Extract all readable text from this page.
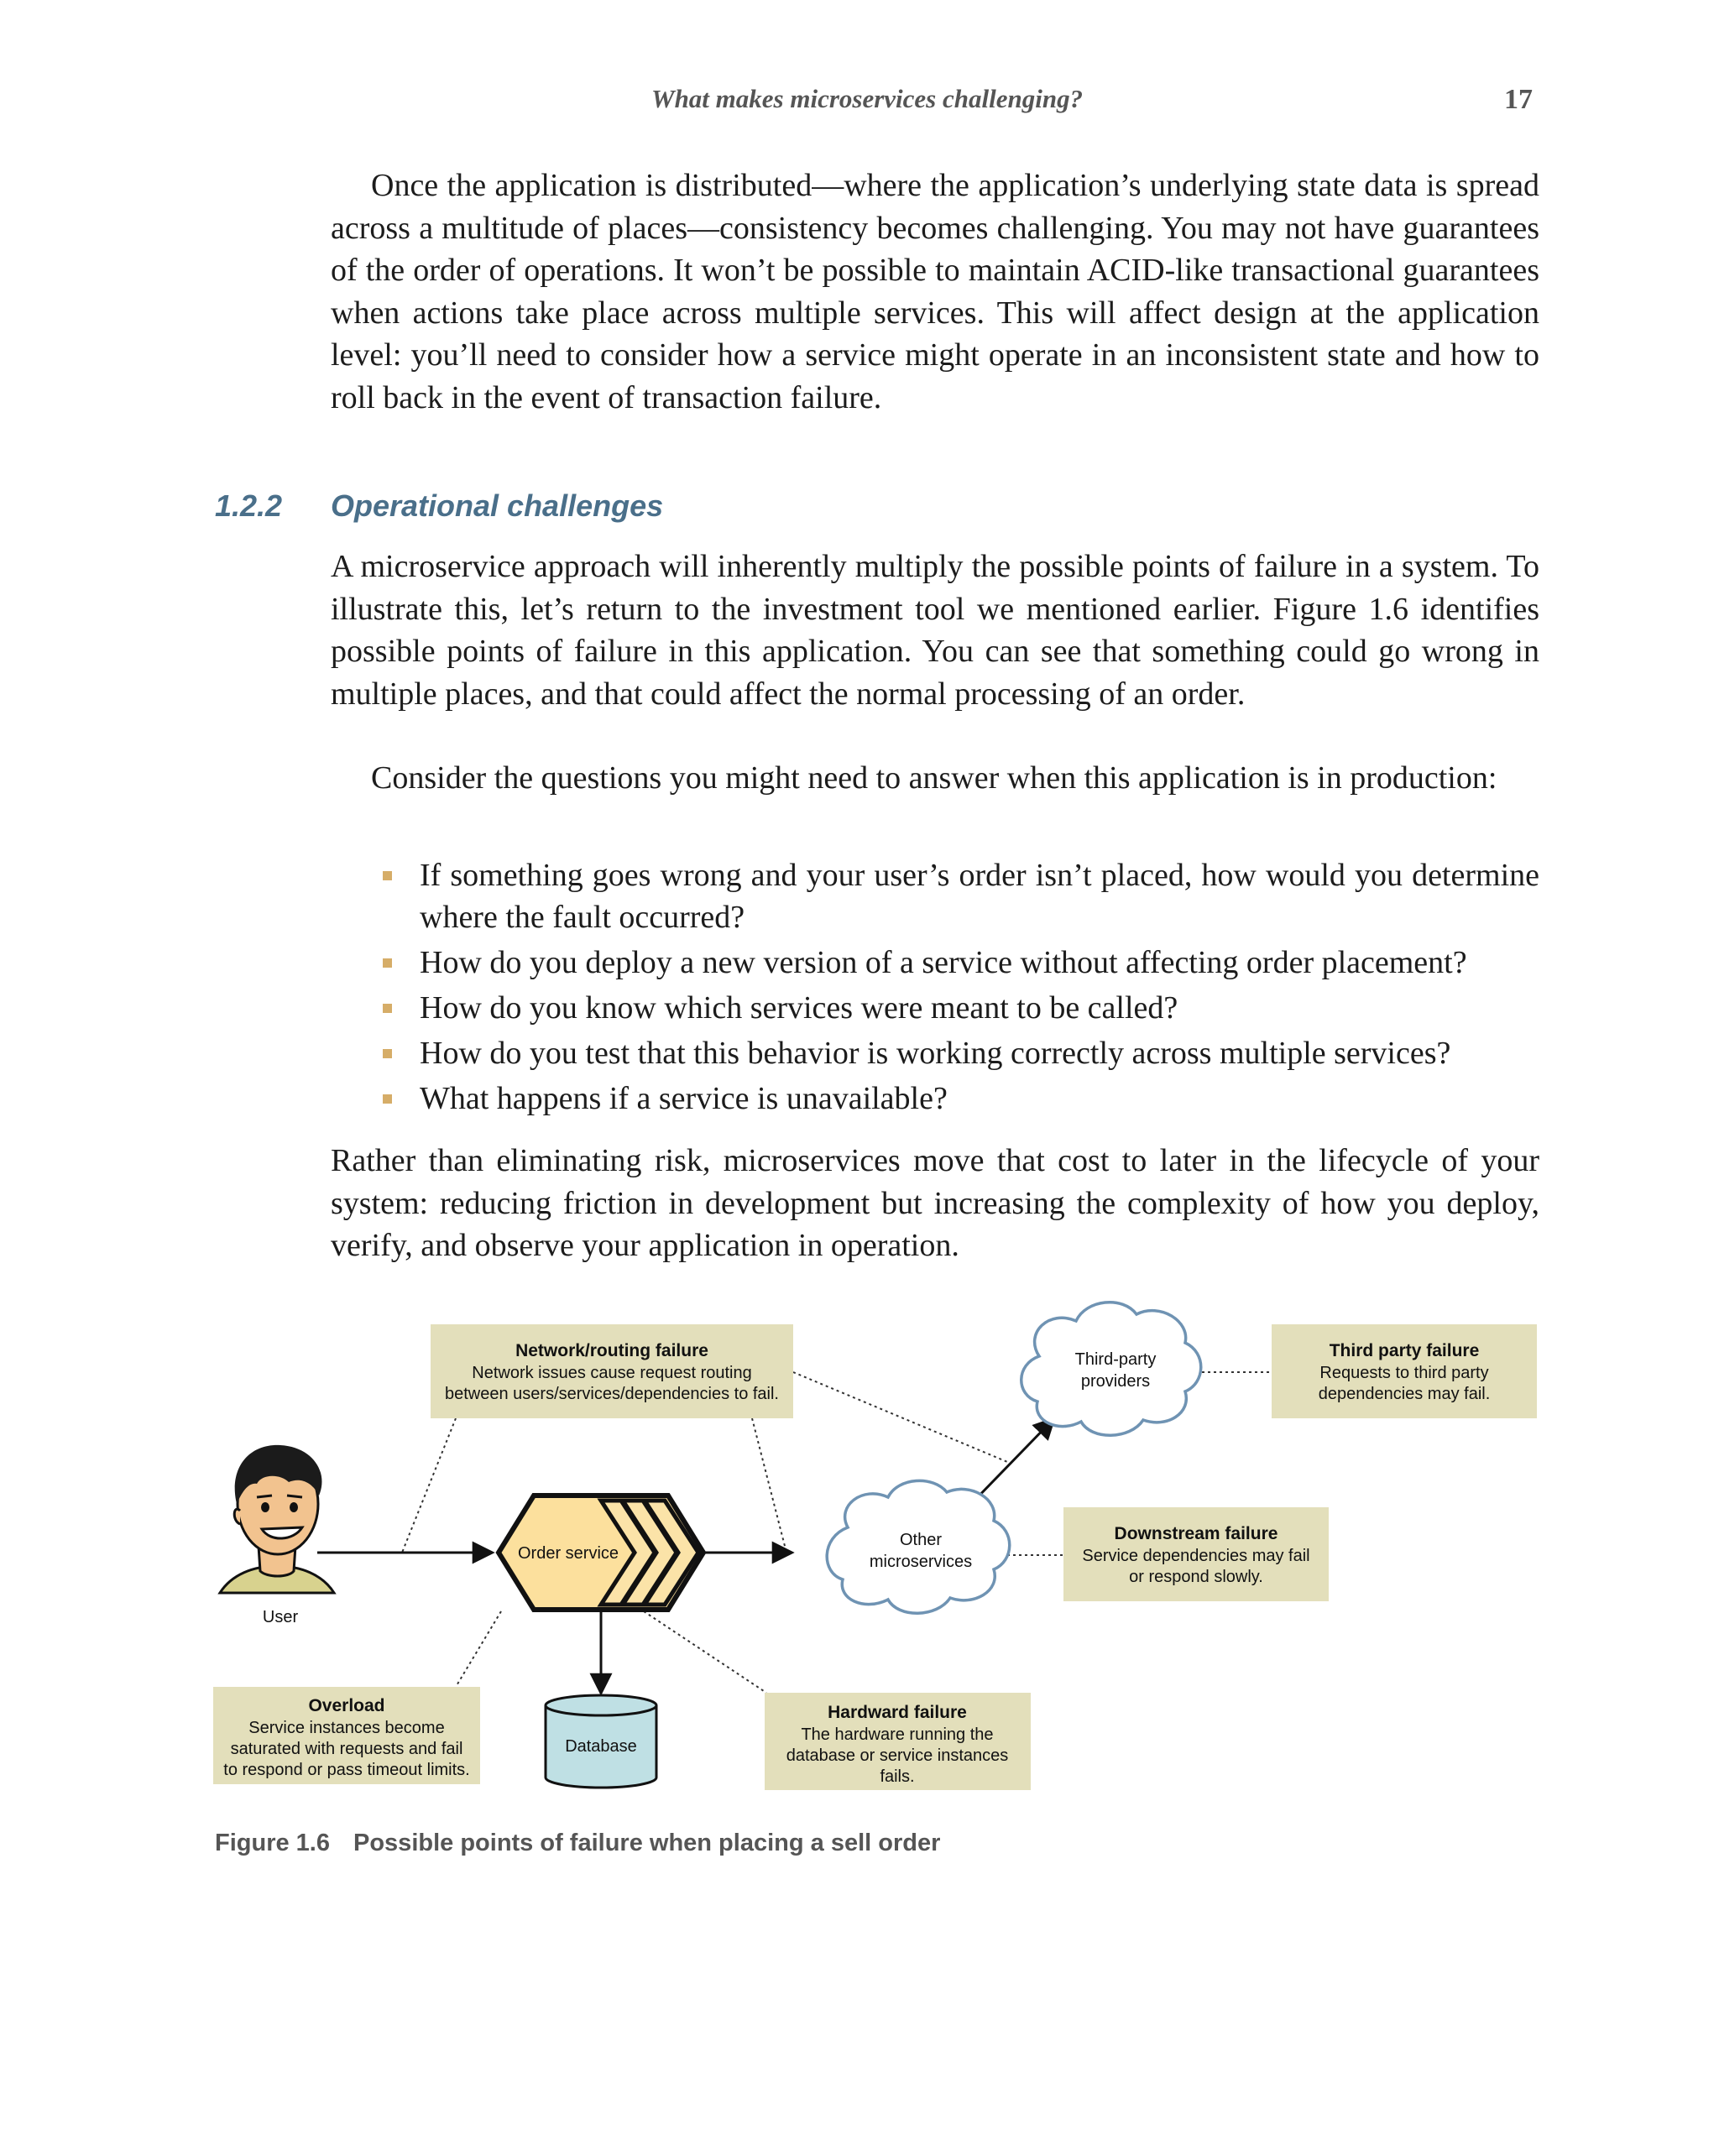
What makes microservices challenging?	17

Once the application is distributed—where the application’s underlying state data is spread across a multitude of places—consistency becomes challenging. You may not have guarantees of the order of operations. It won’t be possible to maintain ACID-like transactional guarantees when actions take place across multiple services. This will affect design at the application level: you’ll need to consider how a service might operate in an inconsistent state and how to roll back in the event of transaction failure.

1.2.2 Operational challenges

A microservice approach will inherently multiply the possible points of failure in a system. To illustrate this, let’s return to the investment tool we mentioned earlier. Figure 1.6 identifies possible points of failure in this application. You can see that something could go wrong in multiple places, and that could affect the normal processing of an order.

Consider the questions you might need to answer when this application is in production:

If something goes wrong and your user’s order isn’t placed, how would you determine where the fault occurred?
How do you deploy a new version of a service without affecting order placement?
How do you know which services were meant to be called?
How do you test that this behavior is working correctly across multiple services?
What happens if a service is unavailable?

Rather than eliminating risk, microservices move that cost to later in the lifecycle of your system: reducing friction in development but increasing the complexity of how you deploy, verify, and observe your application in operation.

Network/routing failure
Network issues cause request routing
between users/services/dependencies to fail.
Third party failure
Requests to third party
dependencies may fail.
Downstream failure
Service dependencies may fail
or respond slowly.
Overload
Service instances become
saturated with requests and fail
to respond or pass timeout limits.
Hardward failure
The hardware running the
database or service instances
fails.
Third-party
providers
Other
microservices
Order service
Database
User
Figure 1.6 Possible points of failure when placing a sell order
